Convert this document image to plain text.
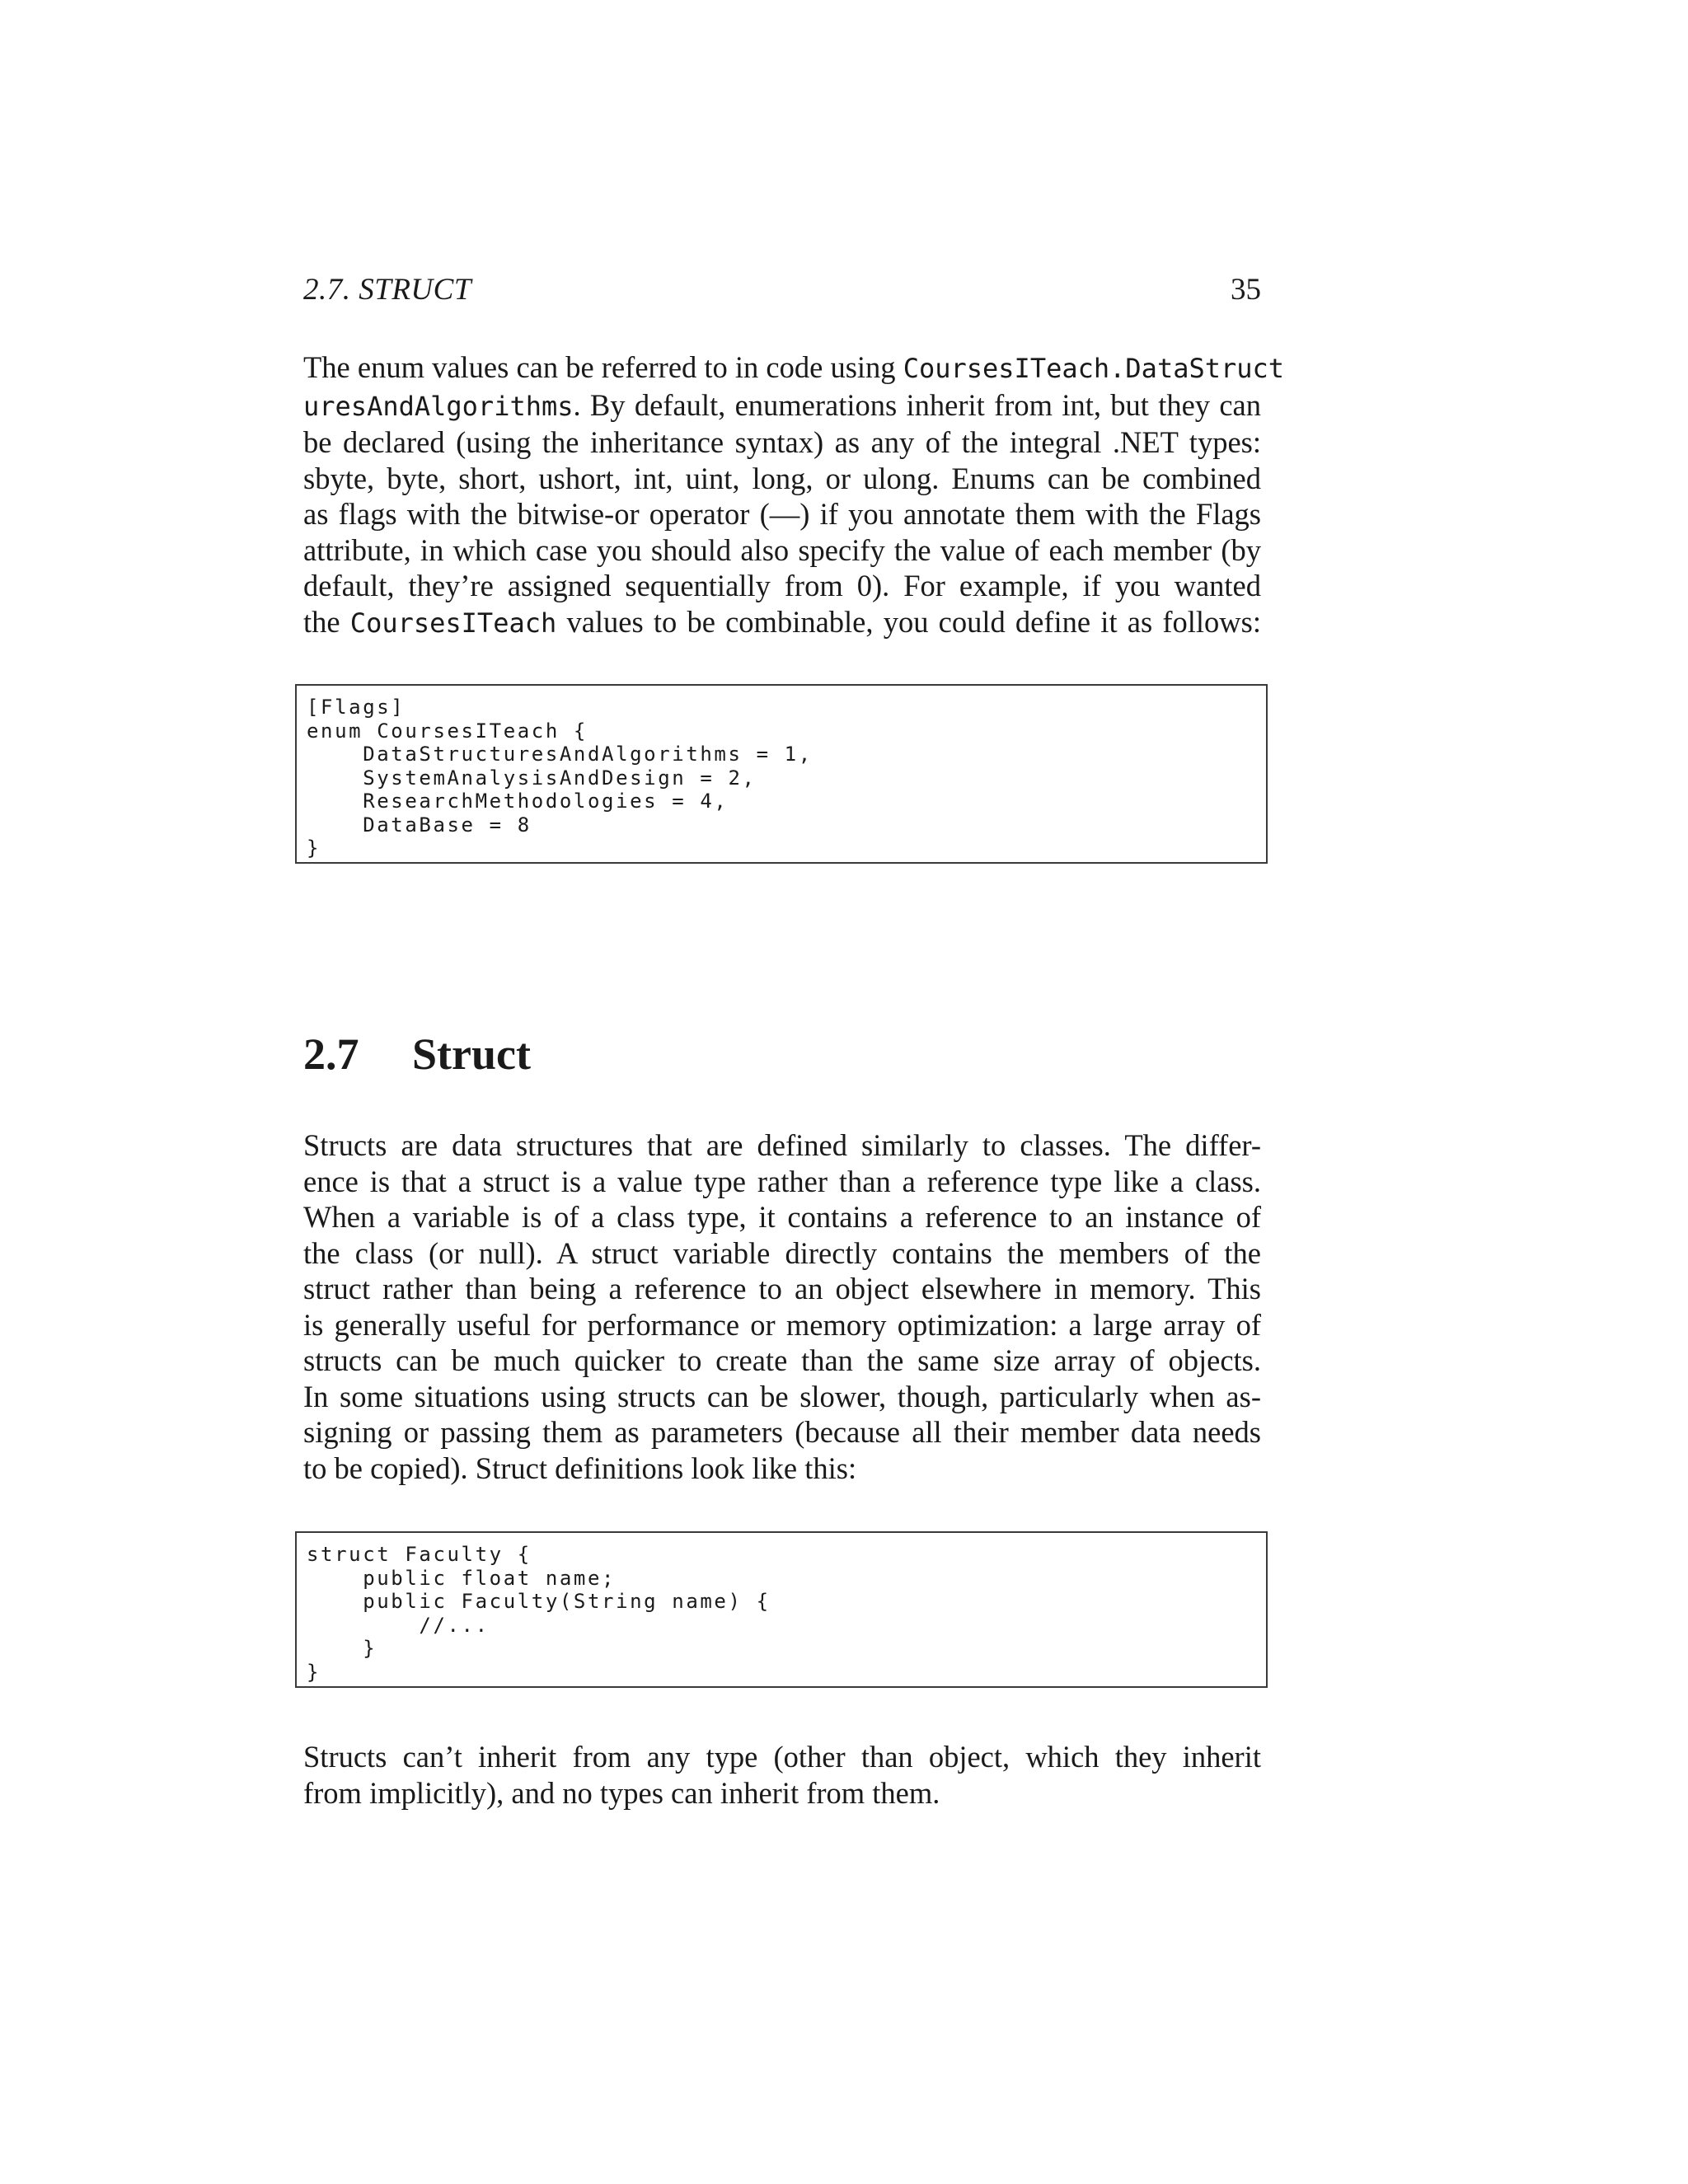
2.7. STRUCT	35
The enum values can be referred to in code using CoursesITeach.DataStruct
uresAndAlgorithms. By default, enumerations inherit from int, but they can
be declared (using the inheritance syntax) as any of the integral .NET types:
sbyte, byte, short, ushort, int, uint, long, or ulong. Enums can be combined
as flags with the bitwise-or operator (—) if you annotate them with the Flags
attribute, in which case you should also specify the value of each member (by
default, they’re assigned sequentially from 0). For example, if you wanted
the CoursesITeach values to be combinable, you could define it as follows:
[Flags]
enum CoursesITeach {
DataStructuresAndAlgorithms = 1,
SystemAnalysisAndDesign = 2,
ResearchMethodologies = 4,
DataBase = 8
}
2.7 Struct
Structs are data structures that are defined similarly to classes. The differ-
ence is that a struct is a value type rather than a reference type like a class.
When a variable is of a class type, it contains a reference to an instance of
the class (or null). A struct variable directly contains the members of the
struct rather than being a reference to an object elsewhere in memory. This
is generally useful for performance or memory optimization: a large array of
structs can be much quicker to create than the same size array of objects.
In some situations using structs can be slower, though, particularly when as-
signing or passing them as parameters (because all their member data needs
to be copied). Struct definitions look like this:
struct Faculty {
public float name;
public Faculty(String name) {
//...
}
}
Structs can’t inherit from any type (other than object, which they inherit
from implicitly), and no types can inherit from them.
